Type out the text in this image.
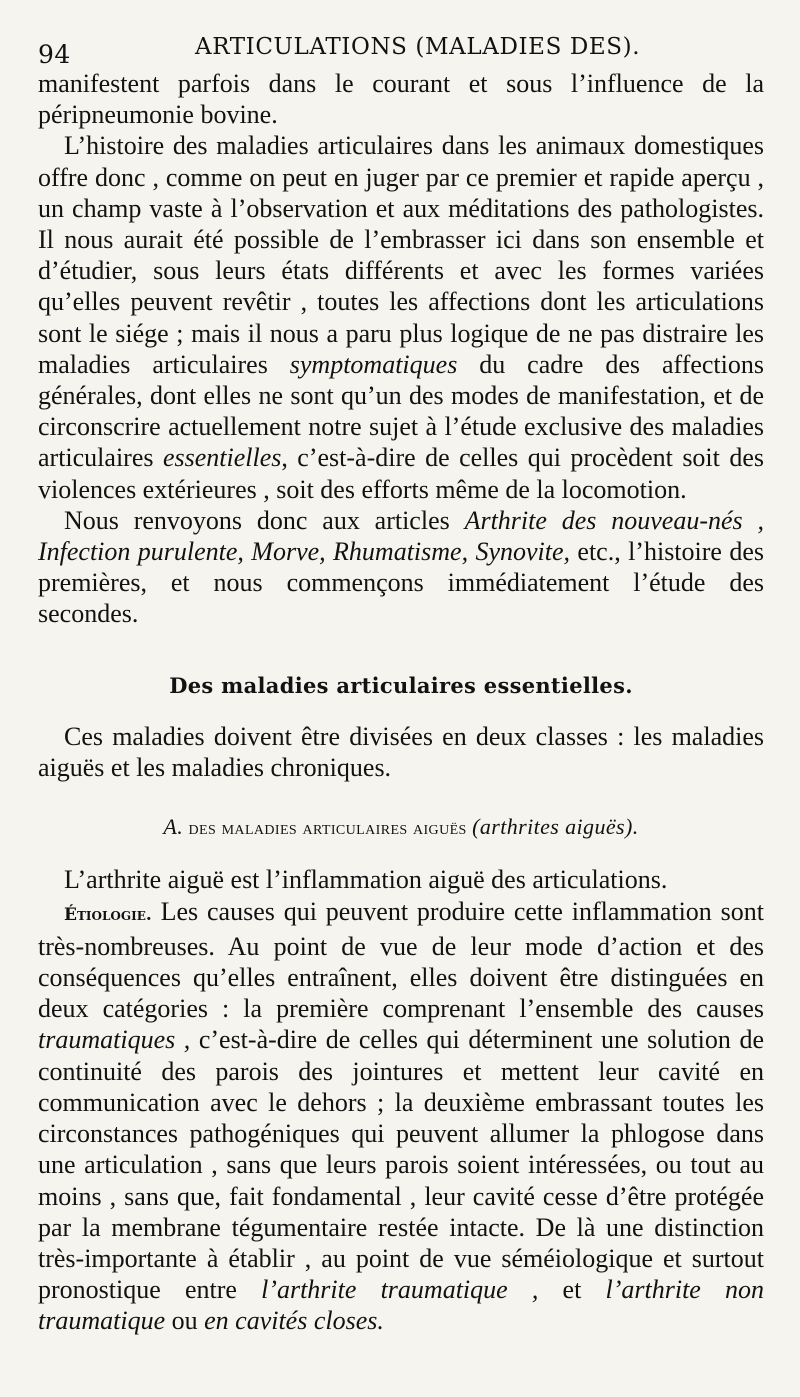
94	ARTICULATIONS (MALADIES DES).

manifestent parfois dans le courant et sous l’influence de la péripneumonie bovine.

L’histoire des maladies articulaires dans les animaux domestiques offre donc , comme on peut en juger par ce premier et rapide aperçu , un champ vaste à l’observation et aux méditations des pathologistes. Il nous aurait été possible de l’embrasser ici dans son ensemble et d’étudier, sous leurs états différents et avec les formes variées qu’elles peuvent revêtir , toutes les affections dont les articulations sont le siége ; mais il nous a paru plus logique de ne pas distraire les maladies articulaires symptomatiques du cadre des affections générales, dont elles ne sont qu’un des modes de manifestation, et de circonscrire actuellement notre sujet à l’étude exclusive des maladies articulaires essentielles, c’est-à-dire de celles qui procèdent soit des violences extérieures , soit des efforts même de la locomotion.

Nous renvoyons donc aux articles Arthrite des nouveau-nés , Infection purulente, Morve, Rhumatisme, Synovite, etc., l’histoire des premières, et nous commençons immédiatement l’étude des secondes.

Des maladies articulaires essentielles.

Ces maladies doivent être divisées en deux classes : les maladies aiguës et les maladies chroniques.

A. des maladies articulaires aiguës (arthrites aiguës).

L’arthrite aiguë est l’inflammation aiguë des articulations.

Étiologie. Les causes qui peuvent produire cette inflammation sont très-nombreuses. Au point de vue de leur mode d’action et des conséquences qu’elles entraînent, elles doivent être distinguées en deux catégories : la première comprenant l’ensemble des causes traumatiques , c’est-à-dire de celles qui déterminent une solution de continuité des parois des jointures et mettent leur cavité en communication avec le dehors ; la deuxième embrassant toutes les circonstances pathogéniques qui peuvent allumer la phlogose dans une articulation , sans que leurs parois soient intéressées, ou tout au moins , sans que, fait fondamental , leur cavité cesse d’être protégée par la membrane tégumentaire restée intacte. De là une distinction très-importante à établir , au point de vue séméiologique et surtout pronostique entre l’arthrite traumatique , et l’arthrite non traumatique ou en cavités closes.
